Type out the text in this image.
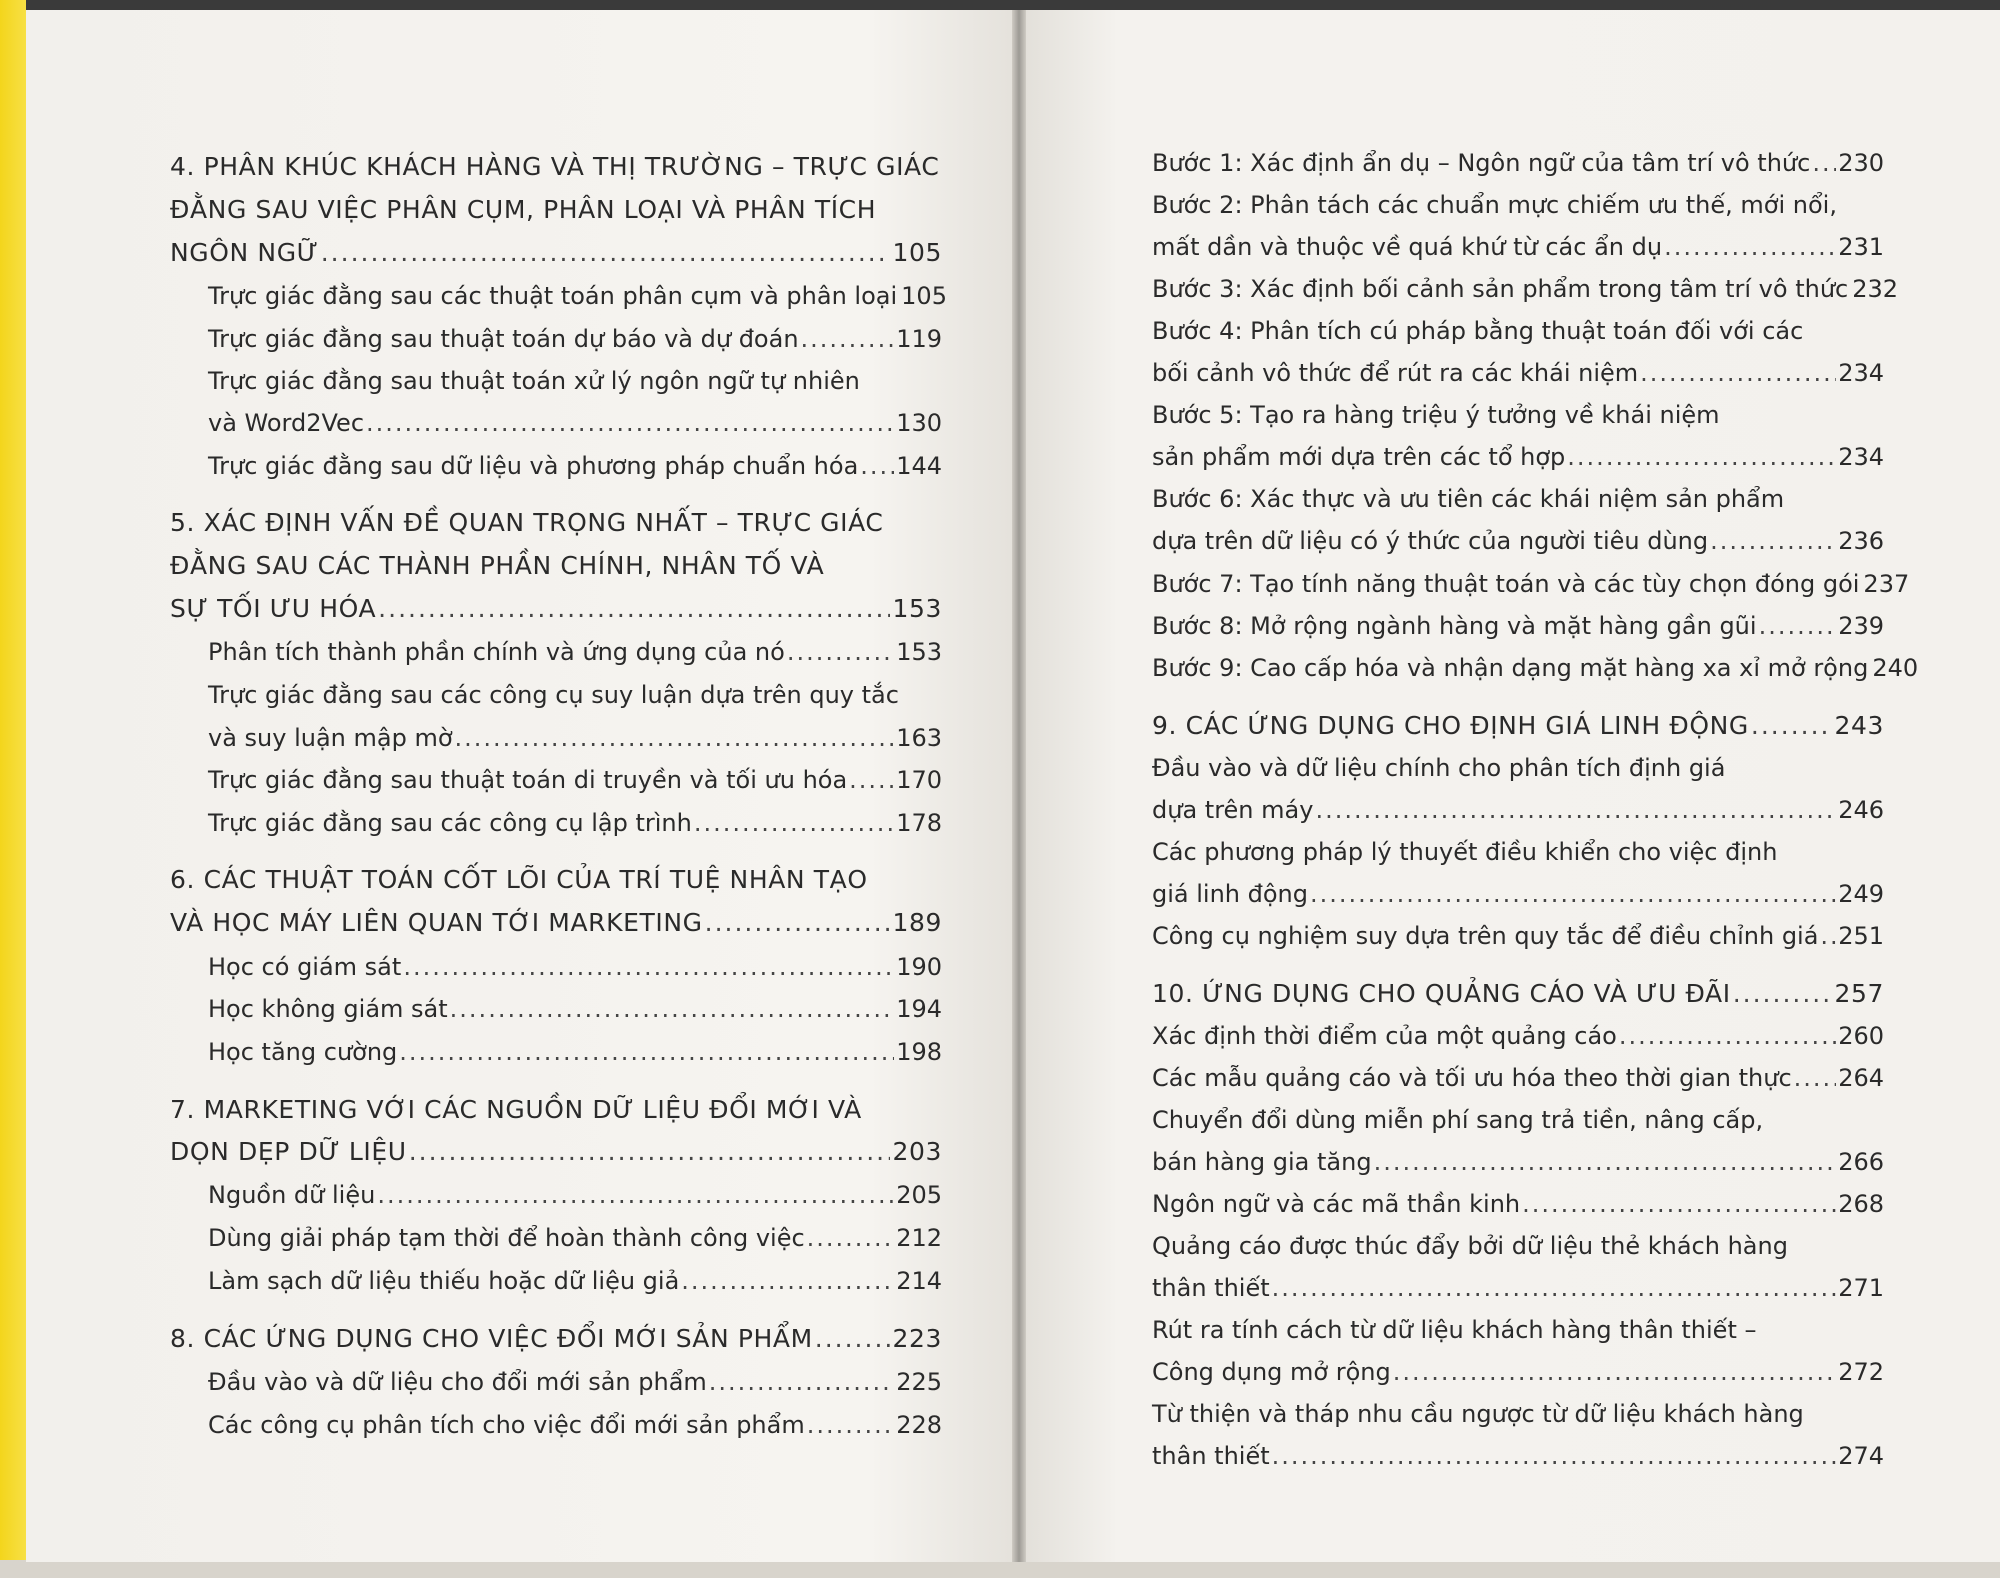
4. PHÂN KHÚC KHÁCH HÀNG VÀ THỊ TRƯỜNG – TRỰC GIÁC
ĐẰNG SAU VIỆC PHÂN CỤM, PHÂN LOẠI VÀ PHÂN TÍCH
NGÔN NGỮ .....	105
Trực giác đằng sau các thuật toán phân cụm và phân loại 105
Trực giác đằng sau thuật toán dự báo và dự đoán .....	119
Trực giác đằng sau thuật toán xử lý ngôn ngữ tự nhiên
và Word2Vec .....	130
Trực giác đằng sau dữ liệu và phương pháp chuẩn hóa ..... 144
5. XÁC ĐỊNH VẤN ĐỀ QUAN TRỌNG NHẤT – TRỰC GIÁC
ĐẰNG SAU CÁC THÀNH PHẦN CHÍNH, NHÂN TỐ VÀ
SỰ TỐI ƯU HÓA .....	153
Phân tích thành phần chính và ứng dụng của nó .....	153
Trực giác đằng sau các công cụ suy luận dựa trên quy tắc
và suy luận mập mờ .....	163
Trực giác đằng sau thuật toán di truyền và tối ưu hóa ..... 170
Trực giác đằng sau các công cụ lập trình .....	178
6. CÁC THUẬT TOÁN CỐT LÕI CỦA TRÍ TUỆ NHÂN TẠO
VÀ HỌC MÁY LIÊN QUAN TỚI MARKETING .....	189
Học có giám sát .....	190
Học không giám sát .....	194
Học tăng cường .....	198
7. MARKETING VỚI CÁC NGUỒN DỮ LIỆU ĐỔI MỚI VÀ
DỌN DẸP DỮ LIỆU .....	203
Nguồn dữ liệu .....	205
Dùng giải pháp tạm thời để hoàn thành công việc .....	212
Làm sạch dữ liệu thiếu hoặc dữ liệu giả .....	214
8. CÁC ỨNG DỤNG CHO VIỆC ĐỔI MỚI SẢN PHẨM .....	223
Đầu vào và dữ liệu cho đổi mới sản phẩm .....	225
Các công cụ phân tích cho việc đổi mới sản phẩm .....	228
Bước 1: Xác định ẩn dụ – Ngôn ngữ của tâm trí vô thức ..... 230
Bước 2: Phân tách các chuẩn mực chiếm ưu thế, mới nổi,
mất dần và thuộc về quá khứ từ các ẩn dụ .....	231
Bước 3: Xác định bối cảnh sản phẩm trong tâm trí vô thức 232
Bước 4: Phân tích cú pháp bằng thuật toán đối với các
bối cảnh vô thức để rút ra các khái niệm .....	234
Bước 5: Tạo ra hàng triệu ý tưởng về khái niệm
sản phẩm mới dựa trên các tổ hợp .....	234
Bước 6: Xác thực và ưu tiên các khái niệm sản phẩm
dựa trên dữ liệu có ý thức của người tiêu dùng .....	236
Bước 7: Tạo tính năng thuật toán và các tùy chọn đóng gói 237
Bước 8: Mở rộng ngành hàng và mặt hàng gần gũi .....	239
Bước 9: Cao cấp hóa và nhận dạng mặt hàng xa xỉ mở rộng 240
9. CÁC ỨNG DỤNG CHO ĐỊNH GIÁ LINH ĐỘNG .....	243
Đầu vào và dữ liệu chính cho phân tích định giá
dựa trên máy .....	246
Các phương pháp lý thuyết điều khiển cho việc định
giá linh động .....	249
Công cụ nghiệm suy dựa trên quy tắc để điều chỉnh giá ..... 251
10. ỨNG DỤNG CHO QUẢNG CÁO VÀ ƯU ĐÃI .....	257
Xác định thời điểm của một quảng cáo .....	260
Các mẫu quảng cáo và tối ưu hóa theo thời gian thực ..... 264
Chuyển đổi dùng miễn phí sang trả tiền, nâng cấp,
bán hàng gia tăng .....	266
Ngôn ngữ và các mã thần kinh .....	268
Quảng cáo được thúc đẩy bởi dữ liệu thẻ khách hàng
thân thiết .....	271
Rút ra tính cách từ dữ liệu khách hàng thân thiết –
Công dụng mở rộng .....	272
Từ thiện và tháp nhu cầu ngược từ dữ liệu khách hàng
thân thiết .....	274
